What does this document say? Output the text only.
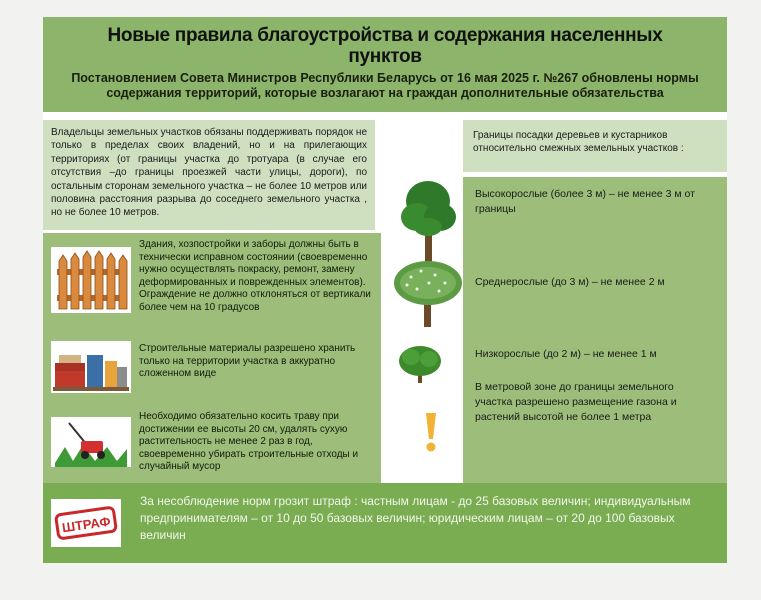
Новые правила благоустройства и содержания населенных пунктов
Постановлением Совета Министров Республики Беларусь от 16 мая 2025 г. №267 обновлены нормы содержания территорий, которые возлагают на граждан дополнительные обязательства
Владельцы земельных участков обязаны поддерживать порядок не только в пределах своих владений, но и на прилегающих территориях (от границы участка до тротуара (в случае его отсутствия –до границы проезжей части улицы, дороги), по остальным сторонам земельного участка – не более 10 метров или половина расстояния разрыва до соседнего земельного участка , но не более 10 метров.
Здания, хозпостройки и заборы должны быть в технически исправном состоянии (своевременно нужно осуществлять покраску, ремонт, замену деформированных и поврежденных элементов). Ограждение не должно отклоняться от вертикали более чем на 10 градусов
Строительные материалы разрешено хранить только на территории участка в аккуратно сложенном виде
Необходимо обязательно косить траву при достижении ее высоты 20 см, удалять сухую растительность не менее 2 раз в год, своевременно убирать строительные отходы и случайный мусор
Границы посадки деревьев и кустарников относительно смежных земельных участков :
Высокорослые (более 3 м) – не менее 3 м от границы
Среднерослые (до 3 м) – не менее 2 м
Низкорослые (до 2 м) – не менее 1 м
В метровой зоне до границы земельного участка разрешено размещение газона и растений высотой не более 1 метра
ШТРАФ
За несоблюдение норм грозит штраф : частным лицам - до 25 базовых величин; индивидуальным предпринимателям – от 10 до 50 базовых величин; юридическим лицам – от 20 до 100 базовых величин
